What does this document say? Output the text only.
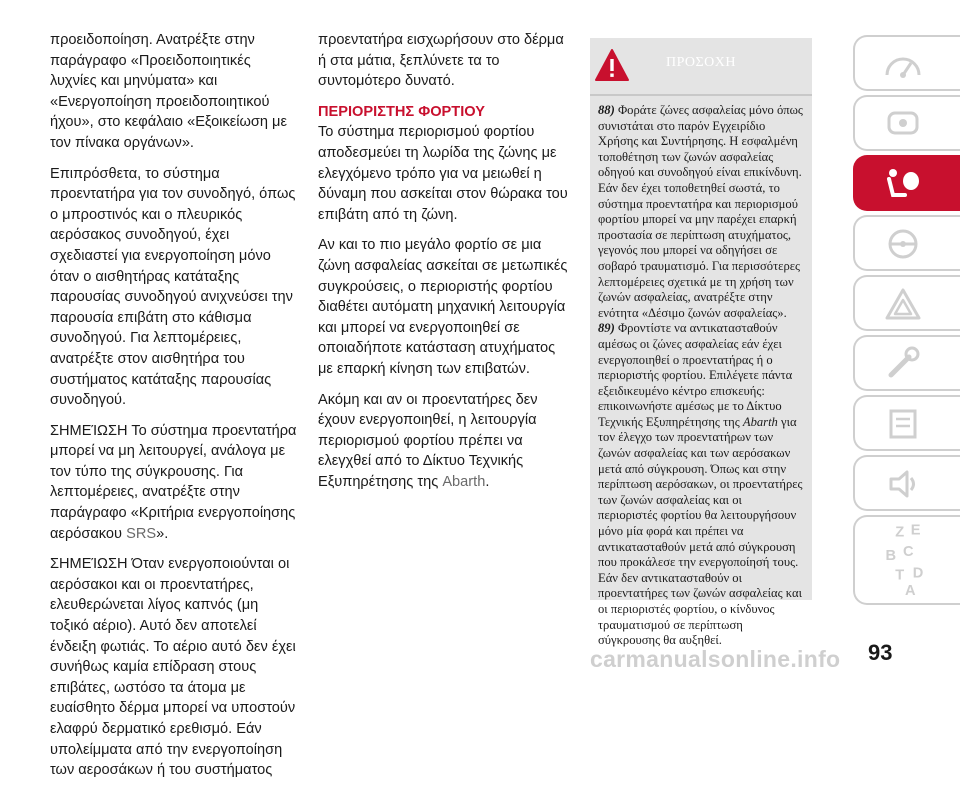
προειδοποίηση. Ανατρέξτε στην παράγραφο «Προειδοποιητικές λυχνίες και μηνύματα» και «Ενεργοποίηση προειδοποιητικού ήχου», στο κεφάλαιο «Εξοικείωση με τον πίνακα οργάνων».

Επιπρόσθετα, το σύστημα προεντατήρα για τον συνοδηγό, όπως ο μπροστινός και ο πλευρικός αερόσακος συνοδηγού, έχει σχεδιαστεί για ενεργοποίηση μόνο όταν ο αισθητήρας κατάταξης παρουσίας συνοδηγού ανιχνεύσει την παρουσία επιβάτη στο κάθισμα συνοδηγού. Για λεπτομέρειες, ανατρέξτε στον αισθητήρα του συστήματος κατάταξης παρουσίας συνοδηγού.

ΣΗΜΕΊΩΣΗ Το σύστημα προεντατήρα μπορεί να μη λειτουργεί, ανάλογα με τον τύπο της σύγκρουσης. Για λεπτομέρειες, ανατρέξτε στην παράγραφο «Κριτήρια ενεργοποίησης αερόσακου SRS».

ΣΗΜΕΊΩΣΗ Όταν ενεργοποιούνται οι αερόσακοι και οι προεντατήρες, ελευθερώνεται λίγος καπνός (μη τοξικό αέριο). Αυτό δεν αποτελεί ένδειξη φωτιάς. Το αέριο αυτό δεν έχει συνήθως καμία επίδραση στους επιβάτες, ωστόσο τα άτομα με ευαίσθητο δέρμα μπορεί να υποστούν ελαφρύ δερματικό ερεθισμό. Εάν υπολείμματα από την ενεργοποίηση των αεροσάκων ή του συστήματος

προεντατήρα εισχωρήσουν στο δέρμα ή στα μάτια, ξεπλύνετε τα το συντομότερο δυνατό.

ΠΕΡΙΟΡΙΣΤΗΣ ΦΟΡΤΙΟΥ

Το σύστημα περιορισμού φορτίου αποδεσμεύει τη λωρίδα της ζώνης με ελεγχόμενο τρόπο για να μειωθεί η δύναμη που ασκείται στον θώρακα του επιβάτη από τη ζώνη.

Αν και το πιο μεγάλο φορτίο σε μια ζώνη ασφαλείας ασκείται σε μετωπικές συγκρούσεις, ο περιοριστής φορτίου διαθέτει αυτόματη μηχανική λειτουργία και μπορεί να ενεργοποιηθεί σε οποιαδήποτε κατάσταση ατυχήματος με επαρκή κίνηση των επιβατών.

Ακόμη και αν οι προεντατήρες δεν έχουν ενεργοποιηθεί, η λειτουργία περιορισμού φορτίου πρέπει να ελεγχθεί από το Δίκτυο Τεχνικής Εξυπηρέτησης της Abarth.

ΠΡΟΣΟΧΗ

88) Φοράτε ζώνες ασφαλείας μόνο όπως συνιστάται στο παρόν Εγχειρίδιο Χρήσης και Συντήρησης. Η εσφαλμένη τοποθέτηση των ζωνών ασφαλείας οδηγού και συνοδηγού είναι επικίνδυνη. Εάν δεν έχει τοποθετηθεί σωστά, το σύστημα προεντατήρα και περιορισμού φορτίου μπορεί να μην παρέχει επαρκή προστασία σε περίπτωση ατυχήματος, γεγονός που μπορεί να οδηγήσει σε σοβαρό τραυματισμό. Για περισσότερες λεπτομέρειες σχετικά με τη χρήση των ζωνών ασφαλείας, ανατρέξτε στην ενότητα «Δέσιμο ζωνών ασφαλείας».

89) Φροντίστε να αντικατασταθούν αμέσως οι ζώνες ασφαλείας εάν έχει ενεργοποιηθεί ο προεντατήρας ή ο περιοριστής φορτίου. Επιλέγετε πάντα εξειδικευμένο κέντρο επισκευής: επικοινωνήστε αμέσως με το Δίκτυο Τεχνικής Εξυπηρέτησης της Abarth για τον έλεγχο των προεντατήρων των ζωνών ασφαλείας και των αερόσακων μετά από σύγκρουση. Όπως και στην περίπτωση αερόσακων, οι προεντατήρες των ζωνών ασφαλείας και οι περιοριστές φορτίου θα λειτουργήσουν μόνο μία φορά και πρέπει να αντικατασταθούν μετά από σύγκρουση που προκάλεσε την ενεργοποίησή τους. Εάν δεν αντικατασταθούν οι προεντατήρες των ζωνών ασφαλείας και οι περιοριστές φορτίου, ο κίνδυνος τραυματισμού σε περίπτωση σύγκρουσης θα αυξηθεί.

Z E
B C
T D
A
carmanualsonline.info 93
